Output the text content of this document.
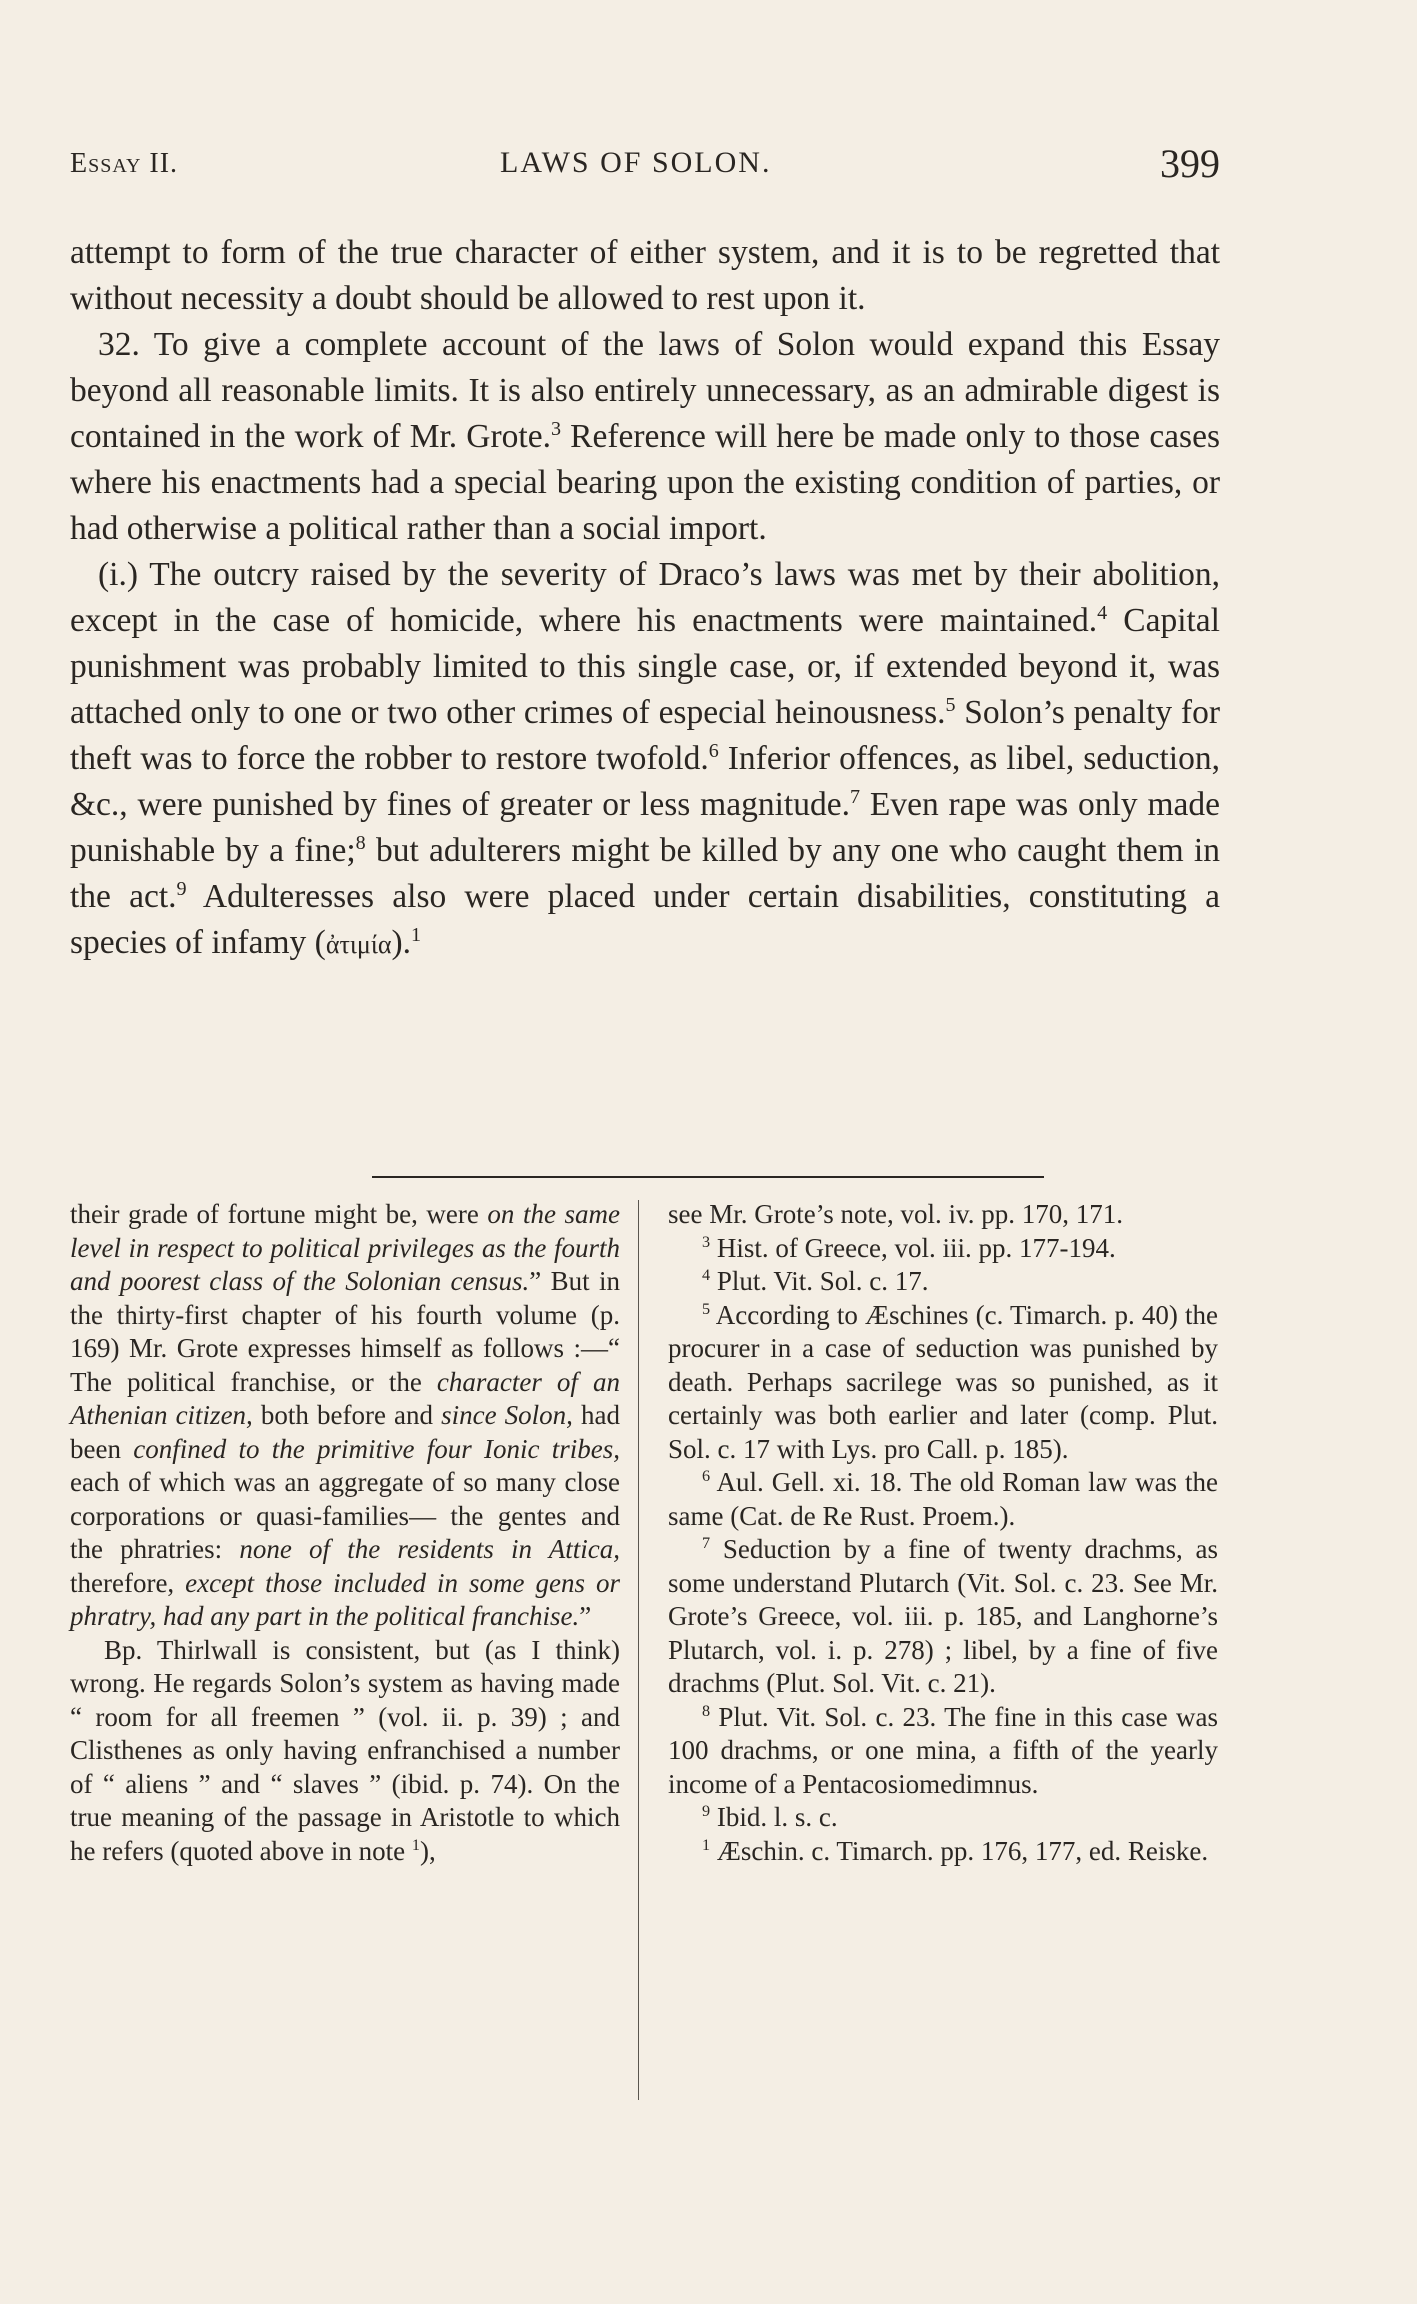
Essay II.	LAWS OF SOLON.	399

attempt to form of the true character of either system, and it is to be regretted that without necessity a doubt should be allowed to rest upon it.

32. To give a complete account of the laws of Solon would expand this Essay beyond all reasonable limits. It is also entirely unnecessary, as an admirable digest is contained in the work of Mr. Grote.$^3$ Reference will here be made only to those cases where his enactments had a special bearing upon the existing condition of parties, or had otherwise a political rather than a social import.

(i.) The outcry raised by the severity of Draco’s laws was met by their abolition, except in the case of homicide, where his enactments were maintained.$^4$ Capital punishment was probably limited to this single case, or, if extended beyond it, was attached only to one or two other crimes of especial heinousness.$^5$ Solon’s penalty for theft was to force the robber to restore twofold.$^6$ Inferior offences, as libel, seduction, &c., were punished by fines of greater or less magnitude.$^7$ Even rape was only made punishable by a fine;$^8$ but adulterers might be killed by any one who caught them in the act.$^9$ Adulteresses also were placed under certain disabilities, constituting a species of infamy (ἀτιμία).$^1$

their grade of fortune might be, were on the same level in respect to political privileges as the fourth and poorest class of the Solonian census.” But in the thirty-first chapter of his fourth volume (p. 169) Mr. Grote expresses himself as follows :—“ The political franchise, or the character of an Athenian citizen, both before and since Solon, had been confined to the primitive four Ionic tribes, each of which was an aggregate of so many close corporations or quasi-families— the gentes and the phratries: none of the residents in Attica, therefore, except those included in some gens or phratry, had any part in the political franchise.”

Bp. Thirlwall is consistent, but (as I think) wrong. He regards Solon’s system as having made “ room for all freemen ” (vol. ii. p. 39) ; and Clisthenes as only having enfranchised a number of “ aliens ” and “ slaves ” (ibid. p. 74). On the true meaning of the passage in Aristotle to which he refers (quoted above in note $^1$),

see Mr. Grote’s note, vol. iv. pp. 170, 171.

$^3$ Hist. of Greece, vol. iii. pp. 177-194.

$^4$ Plut. Vit. Sol. c. 17.

$^5$ According to Æschines (c. Timarch. p. 40) the procurer in a case of seduction was punished by death. Perhaps sacrilege was so punished, as it certainly was both earlier and later (comp. Plut. Sol. c. 17 with Lys. pro Call. p. 185).

$^6$ Aul. Gell. xi. 18. The old Roman law was the same (Cat. de Re Rust. Proem.).

$^7$ Seduction by a fine of twenty drachms, as some understand Plutarch (Vit. Sol. c. 23. See Mr. Grote’s Greece, vol. iii. p. 185, and Langhorne’s Plutarch, vol. i. p. 278) ; libel, by a fine of five drachms (Plut. Sol. Vit. c. 21).

$^8$ Plut. Vit. Sol. c. 23. The fine in this case was 100 drachms, or one mina, a fifth of the yearly income of a Pentacosiomedimnus.

$^9$ Ibid. l. s. c.

$^1$ Æschin. c. Timarch. pp. 176, 177, ed. Reiske.
